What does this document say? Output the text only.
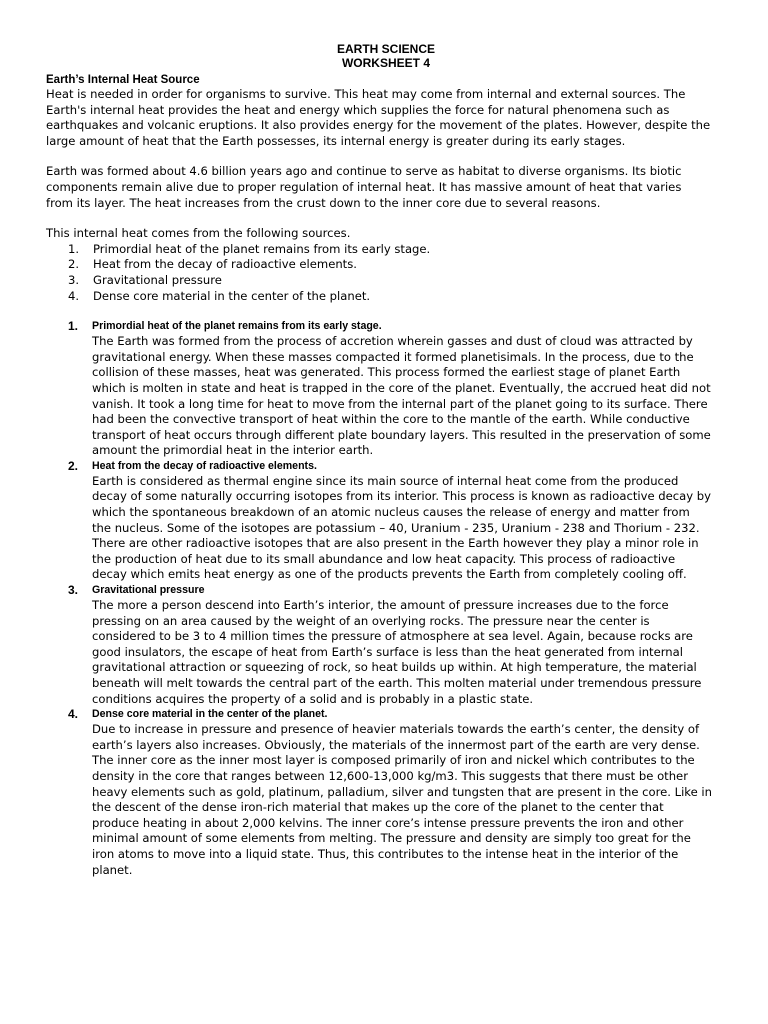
EARTH SCIENCE
WORKSHEET 4
Earth’s Internal Heat Source

Heat is needed in order for organisms to survive. This heat may come from internal and external sources. The Earth's internal heat provides the heat and energy which supplies the force for natural phenomena such as earthquakes and volcanic eruptions. It also provides energy for the movement of the plates. However, despite the large amount of heat that the Earth possesses, its internal energy is greater during its early stages.

Earth was formed about 4.6 billion years ago and continue to serve as habitat to diverse organisms. Its biotic components remain alive due to proper regulation of internal heat. It has massive amount of heat that varies from its layer. The heat increases from the crust down to the inner core due to several reasons.

This internal heat comes from the following sources.

1.	Primordial heat of the planet remains from its early stage.
2.	Heat from the decay of radioactive elements.
3.	Gravitational pressure
4.	Dense core material in the center of the planet.
1.	Primordial heat of the planet remains from its early stage.

The Earth was formed from the process of accretion wherein gasses and dust of cloud was attracted by gravitational energy. When these masses compacted it formed planetisimals. In the process, due to the collision of these masses, heat was generated. This process formed the earliest stage of planet Earth which is molten in state and heat is trapped in the core of the planet. Eventually, the accrued heat did not vanish. It took a long time for heat to move from the internal part of the planet going to its surface. There had been the convective transport of heat within the core to the mantle of the earth. While conductive transport of heat occurs through different plate boundary layers. This resulted in the preservation of some amount the primordial heat in the interior earth.

2.	Heat from the decay of radioactive elements.

Earth is considered as thermal engine since its main source of internal heat come from the produced decay of some naturally occurring isotopes from its interior. This process is known as radioactive decay by which the spontaneous breakdown of an atomic nucleus causes the release of energy and matter from the nucleus. Some of the isotopes are potassium – 40, Uranium - 235, Uranium - 238 and Thorium - 232. There are other radioactive isotopes that are also present in the Earth however they play a minor role in the production of heat due to its small abundance and low heat capacity. This process of radioactive decay which emits heat energy as one of the products prevents the Earth from completely cooling off.

3.	Gravitational pressure

The more a person descend into Earth’s interior, the amount of pressure increases due to the force pressing on an area caused by the weight of an overlying rocks. The pressure near the center is considered to be 3 to 4 million times the pressure of atmosphere at sea level. Again, because rocks are good insulators, the escape of heat from Earth’s surface is less than the heat generated from internal gravitational attraction or squeezing of rock, so heat builds up within. At high temperature, the material beneath will melt towards the central part of the earth. This molten material under tremendous pressure conditions acquires the property of a solid and is probably in a plastic state.

4.	Dense core material in the center of the planet.

Due to increase in pressure and presence of heavier materials towards the earth’s center, the density of earth’s layers also increases. Obviously, the materials of the innermost part of the earth are very dense. The inner core as the inner most layer is composed primarily of iron and nickel which contributes to the density in the core that ranges between 12,600-13,000 kg/m3. This suggests that there must be other heavy elements such as gold, platinum, palladium, silver and tungsten that are present in the core. Like in the descent of the dense iron-rich material that makes up the core of the planet to the center that produce heating in about 2,000 kelvins. The inner core’s intense pressure prevents the iron and other minimal amount of some elements from melting. The pressure and density are simply too great for the iron atoms to move into a liquid state. Thus, this contributes to the intense heat in the interior of the planet.
